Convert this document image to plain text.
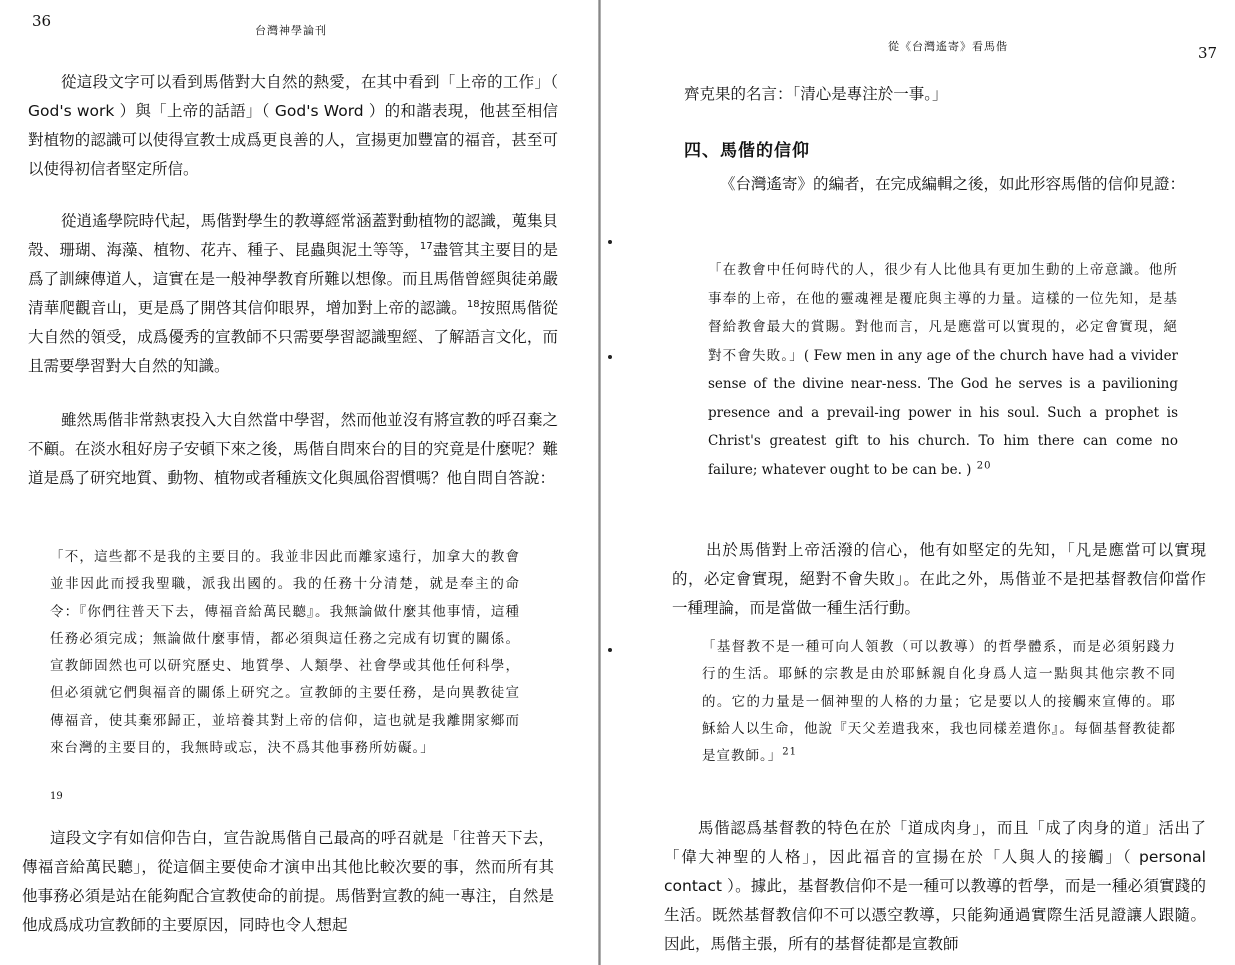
36
台灣神學論刊

從這段文字可以看到馬偕對大自然的熱愛，在其中看到「上帝的工作」（ God's work ）與「上帝的話語」（ God's Word ）的和諧表現，他甚至相信對植物的認識可以使得宣教士成爲更良善的人，宣揚更加豐富的福音，甚至可以使得初信者堅定所信。

從逍遙學院時代起，馬偕對學生的教導經常涵蓋對動植物的認識，蒐集貝殼、珊瑚、海藻、植物、花卉、種子、昆蟲與泥土等等，$^{17}$盡管其主要目的是爲了訓練傳道人，這實在是一般神學教育所難以想像。而且馬偕曾經與徒弟嚴清華爬觀音山，更是爲了開啓其信仰眼界，增加對上帝的認識。$^{18}$按照馬偕從大自然的領受，成爲優秀的宣教師不只需要學習認識聖經、了解語言文化，而且需要學習對大自然的知識。

雖然馬偕非常熱衷投入大自然當中學習，然而他並沒有將宣教的呼召棄之不顧。在淡水租好房子安頓下來之後，馬偕自問來台的目的究竟是什麼呢？難道是爲了研究地質、動物、植物或者種族文化與風俗習慣嗎？他自問自答說：

「不，這些都不是我的主要目的。我並非因此而離家遠行，加拿大的教會並非因此而授我聖職，派我出國的。我的任務十分清楚，就是奉主的命令：『你們往普天下去，傳福音給萬民聽』。我無論做什麼其他事情，這種任務必須完成；無論做什麼事情，都必須與這任務之完成有切實的關係。宣教師固然也可以研究歷史、地質學、人類學、社會學或其他任何科學，但必須就它們與福音的關係上研究之。宣教師的主要任務，是向異教徒宣傳福音，使其棄邪歸正，並培養其對上帝的信仰，這也就是我離開家鄉而來台灣的主要目的，我無時或忘，決不爲其他事務所妨礙。」

19

這段文字有如信仰告白，宣告說馬偕自己最高的呼召就是「往普天下去，傳福音給萬民聽」，從這個主要使命才演申出其他比較次要的事，然而所有其他事務必須是站在能夠配合宣教使命的前提。馬偕對宣教的純一專注，自然是他成爲成功宣教師的主要原因，同時也令人想起

從《台灣遙寄》看馬偕	37

齊克果的名言：「清心是專注於一事。」

四、馬偕的信仰

《台灣遙寄》的編者，在完成編輯之後，如此形容馬偕的信仰見證：

「在教會中任何時代的人，很少有人比他具有更加生動的上帝意識。他所事奉的上帝，在他的靈魂裡是覆庇與主導的力量。這樣的一位先知，是基督給教會最大的賞賜。對他而言，凡是應當可以實現的，必定會實現，絕對不會失敗。」( Few men in any age of the church have had a vivider sense of the divine near-ness. The God he serves is a pavilioning presence and a prevail-ing power in his soul. Such a prophet is Christ's greatest gift to his church. To him there can come no failure; whatever ought to be can be. ) $^{20}$

出於馬偕對上帝活潑的信心，他有如堅定的先知，「凡是應當可以實現的，必定會實現，絕對不會失敗」。在此之外，馬偕並不是把基督教信仰當作一種理論，而是當做一種生活行動。

「基督教不是一種可向人領教（可以教導）的哲學體系，而是必須躬踐力行的生活。耶穌的宗教是由於耶穌親自化身爲人這一點與其他宗教不同的。它的力量是一個神聖的人格的力量；它是要以人的接觸來宣傳的。耶穌給人以生命，他說『天父差遣我來，我也同樣差遣你』。每個基督教徒都是宣教師。」$^{21}$

馬偕認爲基督教的特色在於「道成肉身」，而且「成了肉身的道」活出了「偉大神聖的人格」，因此福音的宣揚在於「人與人的接觸」（ personal contact ）。據此，基督教信仰不是一種可以教導的哲學，而是一種必須實踐的生活。既然基督教信仰不可以憑空教導，只能夠通過實際生活見證讓人跟隨。因此，馬偕主張，所有的基督徒都是宣教師
